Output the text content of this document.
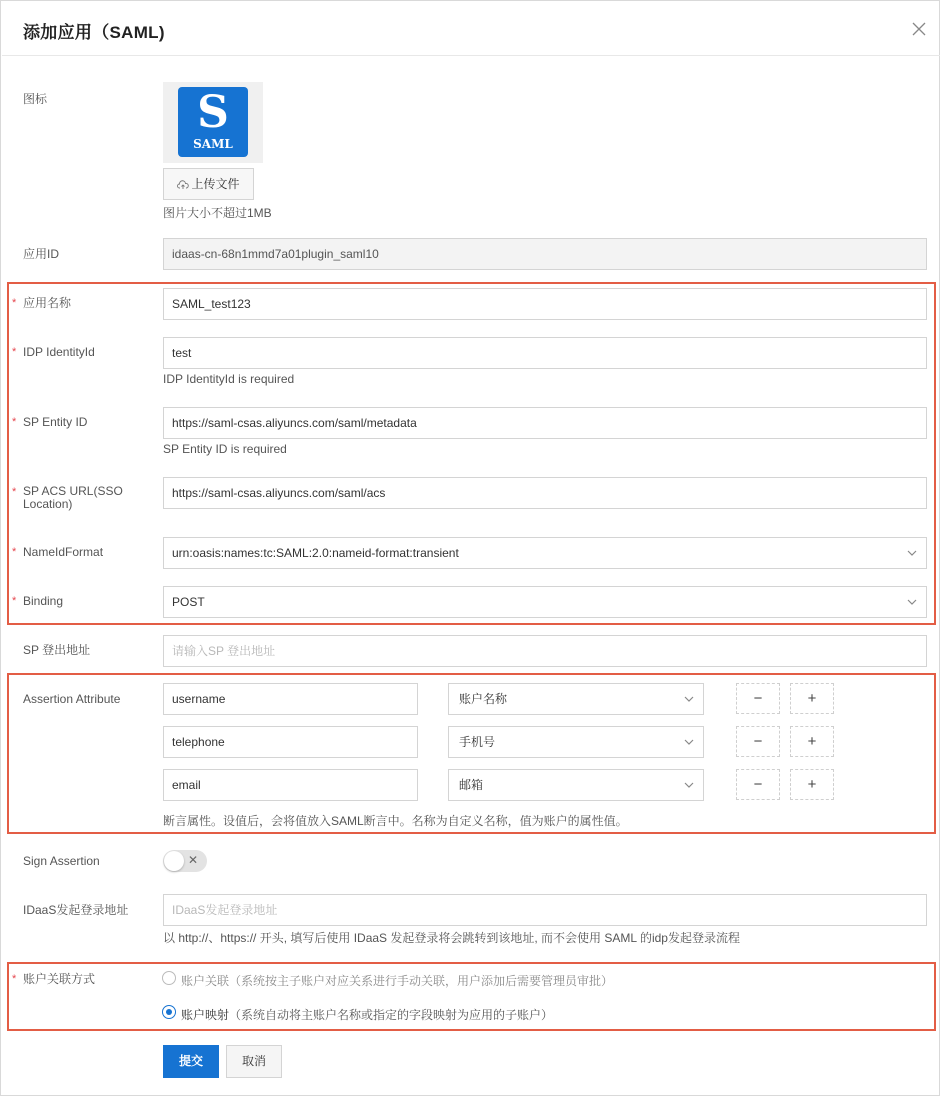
添加应用（SAML)
图标	S
SAML
上传文件
图片大小不超过1MB
应用ID	idaas-cn-68n1mmd7a01plugin_saml10
* 应用名称	SAML_test123
* IDP IdentityId	test
IDP IdentityId is required
* SP Entity ID	https://saml-csas.aliyuncs.com/saml/metadata
SP Entity ID is required
* SP ACS URL(SSO
Location)
https://saml-csas.aliyuncs.com/saml/acs
* NameIdFormat	urn:oasis:names:tc:SAML:2.0:nameid-format:transient
* Binding	POST
SP 登出地址	请输入SP 登出地址
Assertion Attribute	username	账户名称	−	+
telephone	手机号	−	+
email	邮箱	−	+
断言属性。设值后，会将值放入SAML断言中。名称为自定义名称，值为账户的属性值。
Sign Assertion	✕
IDaaS发起登录地址	IDaaS发起登录地址
以 http://、https:// 开头, 填写后使用 IDaaS 发起登录将会跳转到该地址, 而不会使用 SAML 的idp发起登录流程
* 账户关联方式	账户关联（系统按主子账户对应关系进行手动关联，用户添加后需要管理员审批）
账户映射（系统自动将主账户名称或指定的字段映射为应用的子账户）
提交	取消
